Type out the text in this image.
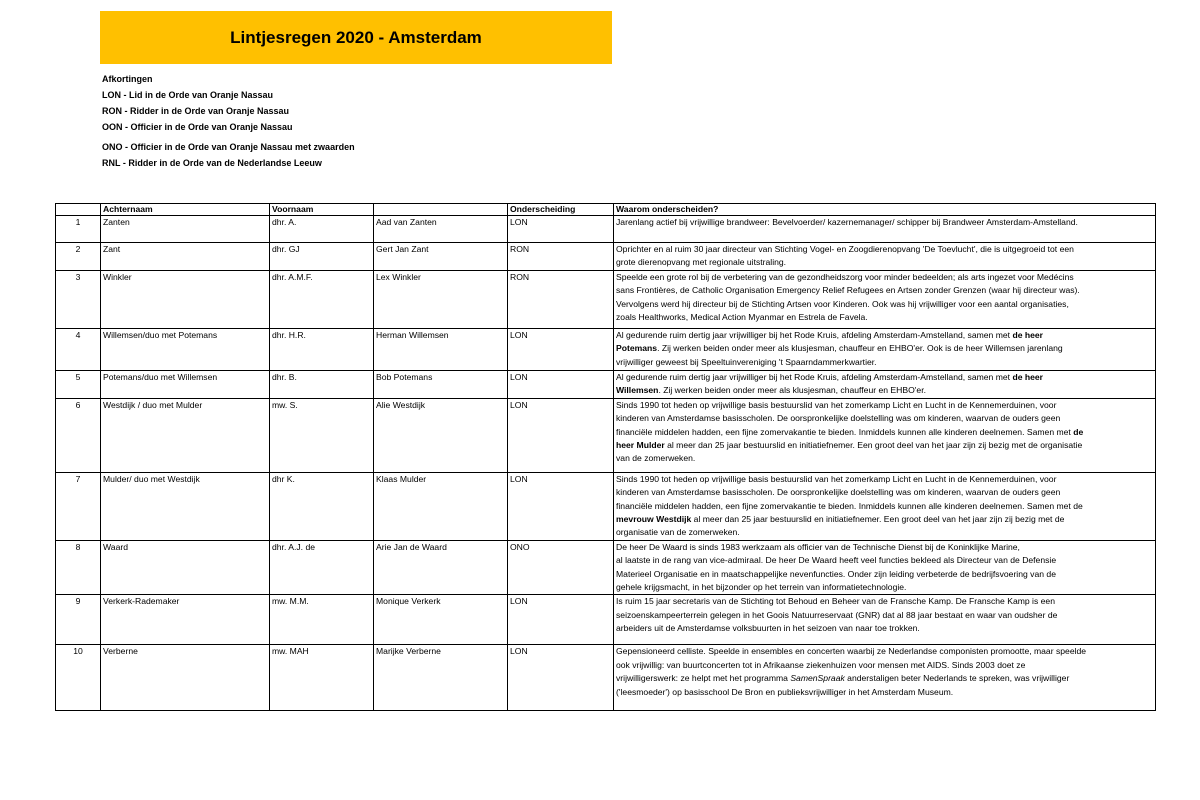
Lintjesregen 2020 - Amsterdam
Afkortingen
LON - Lid in de Orde van Oranje Nassau
RON - Ridder in de Orde van Oranje Nassau
OON - Officier in de Orde van Oranje Nassau
ONO - Officier in de Orde van Oranje Nassau met zwaarden
RNL - Ridder in de Orde van de Nederlandse Leeuw
	Achternaam	Voornaam		Onderscheiding	Waarom onderscheiden?
1	Zanten	dhr. A.	Aad van Zanten	LON	Jarenlang actief bij vrijwillige brandweer: Bevelvoerder/ kazernemanager/ schipper bij Brandweer Amsterdam-Amstelland.

2	Zant	dhr. GJ	Gert Jan Zant	RON	Oprichter en al ruim 30 jaar directeur van Stichting Vogel- en Zoogdierenopvang 'De Toevlucht', die is uitgegroeid tot een
grote dierenopvang met regionale uitstraling.

3	Winkler	dhr. A.M.F.	Lex Winkler	RON	Speelde een grote rol bij de verbetering van de gezondheidszorg voor minder bedeelden; als arts ingezet voor Medécins
sans Frontières, de Catholic Organisation Emergency Relief Refugees en Artsen zonder Grenzen (waar hij directeur was).
Vervolgens werd hij directeur bij de Stichting Artsen voor Kinderen. Ook was hij vrijwilliger voor een aantal organisaties,
zoals Healthworks, Medical Action Myanmar en Estrela de Favela.

4	Willemsen/duo met Potemans	dhr. H.R.	Herman Willemsen	LON	Al gedurende ruim dertig jaar vrijwilliger bij het Rode Kruis, afdeling Amsterdam-Amstelland, samen met de heer
Potemans. Zij werken beiden onder meer als klusjesman, chauffeur en EHBO'er. Ook is de heer Willemsen jarenlang
vrijwilliger geweest bij Speeltuinvereniging 't Spaarndammerkwartier.

5	Potemans/duo met Willemsen	dhr. B.	Bob Potemans	LON	Al gedurende ruim dertig jaar vrijwilliger bij het Rode Kruis, afdeling Amsterdam-Amstelland, samen met de heer
Willemsen. Zij werken beiden onder meer als klusjesman, chauffeur en EHBO'er.

6	Westdijk / duo met Mulder	mw. S.	Alie Westdijk	LON	Sinds 1990 tot heden op vrijwillige basis bestuurslid van het zomerkamp Licht en Lucht in de Kennemerduinen, voor
kinderen van Amsterdamse basisscholen. De oorspronkelijke doelstelling was om kinderen, waarvan de ouders geen
financiële middelen hadden, een fijne zomervakantie te bieden. Inmiddels kunnen alle kinderen deelnemen. Samen met de
heer Mulder al meer dan 25 jaar bestuurslid en initiatiefnemer. Een groot deel van het jaar zijn zij bezig met de organisatie
van de zomerweken.

7	Mulder/ duo met Westdijk	dhr K.	Klaas Mulder	LON	Sinds 1990 tot heden op vrijwillige basis bestuurslid van het zomerkamp Licht en Lucht in de Kennemerduinen, voor
kinderen van Amsterdamse basisscholen. De oorspronkelijke doelstelling was om kinderen, waarvan de ouders geen
financiële middelen hadden, een fijne zomervakantie te bieden. Inmiddels kunnen alle kinderen deelnemen. Samen met de
mevrouw Westdijk al meer dan 25 jaar bestuurslid en initiatiefnemer. Een groot deel van het jaar zijn zij bezig met de
organisatie van de zomerweken.

8	Waard	dhr. A.J. de	Arie Jan de Waard	ONO	De heer De Waard is sinds 1983 werkzaam als officier van de Technische Dienst bij de Koninklijke Marine,
al laatste in de rang van vice-admiraal. De heer De Waard heeft veel functies bekleed als Directeur van de Defensie
Materieel Organisatie en in maatschappelijke nevenfuncties. Onder zijn leiding verbeterde de bedrijfsvoering van de
gehele krijgsmacht, in het bijzonder op het terrein van informatietechnologie.

9	Verkerk-Rademaker	mw. M.M.	Monique Verkerk	LON	Is ruim 15 jaar secretaris van de Stichting tot Behoud en Beheer van de Fransche Kamp. De Fransche Kamp is een
seizoenskampeerterrein gelegen in het Goois Natuurreservaat (GNR) dat al 88 jaar bestaat en waar van oudsher de
arbeiders uit de Amsterdamse volksbuurten in het seizoen van naar toe trokken.

10	Verberne	mw. MAH	Marijke Verberne	LON	Gepensioneerd celliste. Speelde in ensembles en concerten waarbij ze Nederlandse componisten promootte, maar speelde
ook vrijwillig: van buurtconcerten tot in Afrikaanse ziekenhuizen voor mensen met AIDS. Sinds 2003 doet ze
vrijwilligerswerk: ze helpt met het programma SamenSpraak anderstaligen beter Nederlands te spreken, was vrijwilliger
('leesmoeder') op basisschool De Bron en publieksvrijwilliger in het Amsterdam Museum.
